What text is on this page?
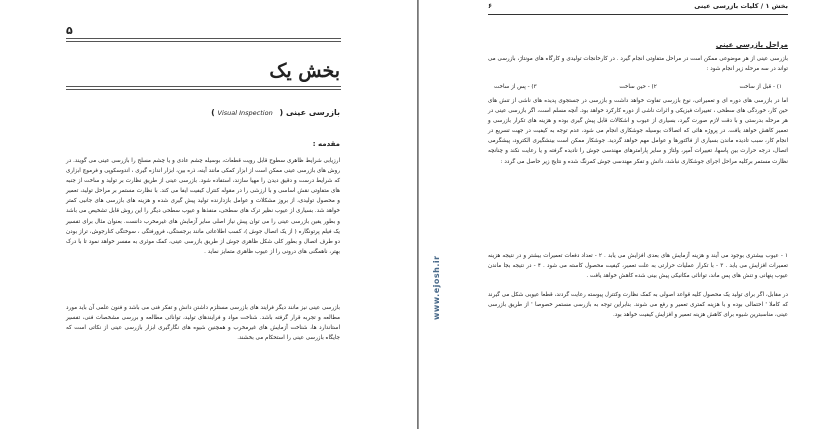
۵
بخش یک
بازرسی عینی ( Visual Inspection )
مقدمه :
ارزیابی شرایط ظاهری سطوح قابل رویت قطعات، بوسیله چشم عادی و یا چشم مسلح را بازرسی عینی می گویند. در روش های بازرسی عینی ممکن است از ابزار کمکی مانند آینه، ذره بین، ابزار اندازه گیری ، اندوسکوپی و فرموچ ابزاری که شرایط درست و دقیق دیدن را مهیا سازند، استفاده شود. بازرسی عینی از طریق نظارت بر تولید و ساخت از جنبه های متفاوتی نقش اساسی و با ارزشی را در مقوله کنترل کیفیت ایفا می کند. با نظارت مستمر بر مراحل تولید، تعمیر و محصول تولیدی، از بروز مشکلات و عوامل بازدارنده تولید پیش گیری شده و هزینه های بازرسی های جانبی کمتر خواهد شد. بسیاری از عیوب نظیر ترک های سطحی، منفذها و عیوب سطحی دیگر را این روش قابل تشخیص می باشد و بطور یقین بازرسی عینی را می توان پیش نیاز اصلی سایر آزمایش های غیرمخرب دانست. بعنوان مثال برای تفسیر یک فیلم پرتونگاره ( از یک اتصال جوش )، کسب اطلاعاتی مانند برجستگی، فرورفتگی ، سوختگی کنارجوش، تراز بودن دو طرف اتصال و بطور کلی شکل ظاهری جوش از طریق بازرسی عینی، کمک موثری به مفسر خواهد نمود تا با درک بهتر، ناهمگنی های درونی را از عیوب ظاهری متمایز نماید .
بازرسی عینی نیز مانند دیگر فرایند های بازرسی مستلزم داشتن دانش و تفکر فنی می باشد و فنون علمی آن باید مورد مطالعه و تجربه قرار گرفته باشد. شناخت مواد و فرایندهای تولید، توانائی مطالعه و بررسی مشخصات فنی، تفسیر استاندارد ها، شناخت آزمایش های غیرمخرب و همچنین شیوه های نگارگیری ابزار بازرسی عینی از نکاتی است که جایگاه بازرسی عینی را استحکام می بخشند.
۶	بخش ۱ / کلیات بازرسی عینی
مراحل بازرسی عینی
بازرسی عینی از هر موضوعی ممکن است در مراحل متفاوتی انجام گیرد . در کارخانجات تولیدی و کارگاه های مونتاژ، بازرسی می تواند در سه مرحله زیر انجام شود :
۱) - قبل از ساخت
۲) - حین ساخت
۳) - پس از ساخت
اما در بازرسی های دوره ای و تعمیراتی، نوع بازرسی تفاوت خواهد داشت و بازرسی در جستجوی پدیده های ناشی از تنش های حین کار، خوردگی های سطحی ، تغییرات فیزیکی و اثرات ناشی از دوره کارکرد خواهد بود. آنچه مسلم است، اگر بازرسی عینی در هر مرحله بدرستی و با دقت لازم صورت گیرد، بسیاری از عیوب و اشکالات قابل پیش گیری بوده و هزینه های تکرار بازرسی و تعمیر کاهش خواهد یافت. در پروژه هائی که اتصالات بوسیله جوشکاری انجام می شود، عدم توجه به کیفیت در جهت تسریع در انجام کار، سبب تادیده ماندن بسیاری از فاکتورها و عوامل مهم خواهد گردید. جوشکار ممکن است بینشگیری الکترود، پیشگرمی اتصال، درجه حرارت بین پاسها، تغییرات آمپر، ولتاژ و سایر پارامترهای مهندسی جوش را نادیده گرفته و یا رعایت نکند و چنانچه نظارت مستمر برکلیه مراحل اجرای جوشکاری نباشد، دانش و تفکر مهندسی جوش کمرنگ شده و نتایج زیر حاصل می گردد :
۱ - عیوب بیشتری بوجود می آیند و هزینه آزمایش های بعدی افزایش می یابد . ۲ - تعداد دفعات تعمیرات بیشتر و در نتیجه هزینه تعمیرات افزایش می یابد . ۳ - با تکرار عملیات حرارتی به علت تعمیر، کیفیت محصول کاسته می شود . ۴ - در نتیجه بجا ماندن عیوب پنهانی و تنش های پس ماند، توانائی مکانیکی پیش بینی شده کاهش خواهد یافت .
در مقابل، اگر برای تولید یک محصول کلیه قواعد اصولی به کمک نظارت وکنترل پیوسته رعایت گردند، قطعا عیوبی شکل می گیرند که کاملا ' احتمالی بوده و با هزینه کمتری تعمیر و رفع می شوند. بنابراین توجه به بازرسی مستمر خصوصا ' از طریق بازرسی عینی، مناسبترین شیوه برای کاهش هزینه تعمیر و افزایش کیفیت خواهد بود.
www.ejosh.ir
